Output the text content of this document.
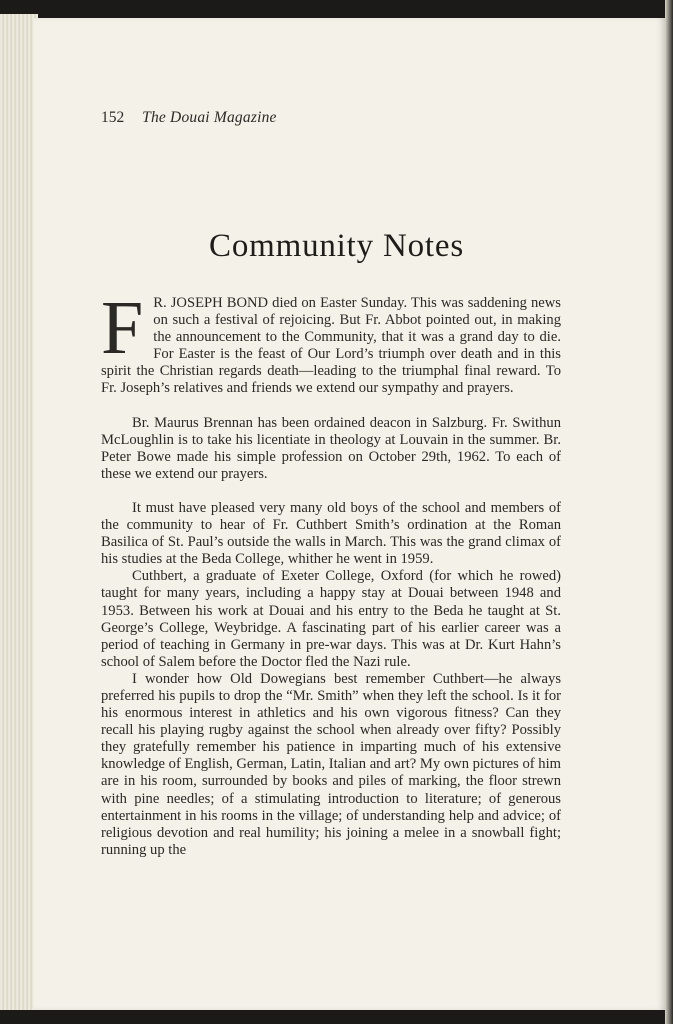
152 The Douai Magazine
Community Notes

F R. JOSEPH BOND died on Easter Sunday. This was saddening news on such a festival of rejoicing. But Fr. Abbot pointed out, in making the announcement to the Community, that it was a grand day to die. For Easter is the feast of Our Lord’s triumph over death and in this spirit the Christian regards death—leading to the triumphal final reward. To Fr. Joseph’s relatives and friends we extend our sympathy and prayers.

Br. Maurus Brennan has been ordained deacon in Salzburg. Fr. Swithun McLoughlin is to take his licentiate in theology at Louvain in the summer. Br. Peter Bowe made his simple profession on October 29th, 1962. To each of these we extend our prayers.

It must have pleased very many old boys of the school and members of the community to hear of Fr. Cuthbert Smith’s ordination at the Roman Basilica of St. Paul’s outside the walls in March. This was the grand climax of his studies at the Beda College, whither he went in 1959.

Cuthbert, a graduate of Exeter College, Oxford (for which he rowed) taught for many years, including a happy stay at Douai between 1948 and 1953. Between his work at Douai and his entry to the Beda he taught at St. George’s College, Weybridge. A fascinating part of his earlier career was a period of teaching in Germany in pre-war days. This was at Dr. Kurt Hahn’s school of Salem before the Doctor fled the Nazi rule.

I wonder how Old Dowegians best remember Cuthbert—he always preferred his pupils to drop the “Mr. Smith” when they left the school. Is it for his enormous interest in athletics and his own vigorous fitness? Can they recall his playing rugby against the school when already over fifty? Possibly they gratefully remember his patience in imparting much of his extensive knowledge of English, German, Latin, Italian and art? My own pictures of him are in his room, surrounded by books and piles of marking, the floor strewn with pine needles; of a stimulating introduction to literature; of generous entertainment in his rooms in the village; of understanding help and advice; of religious devotion and real humility; his joining a melee in a snowball fight; running up the
